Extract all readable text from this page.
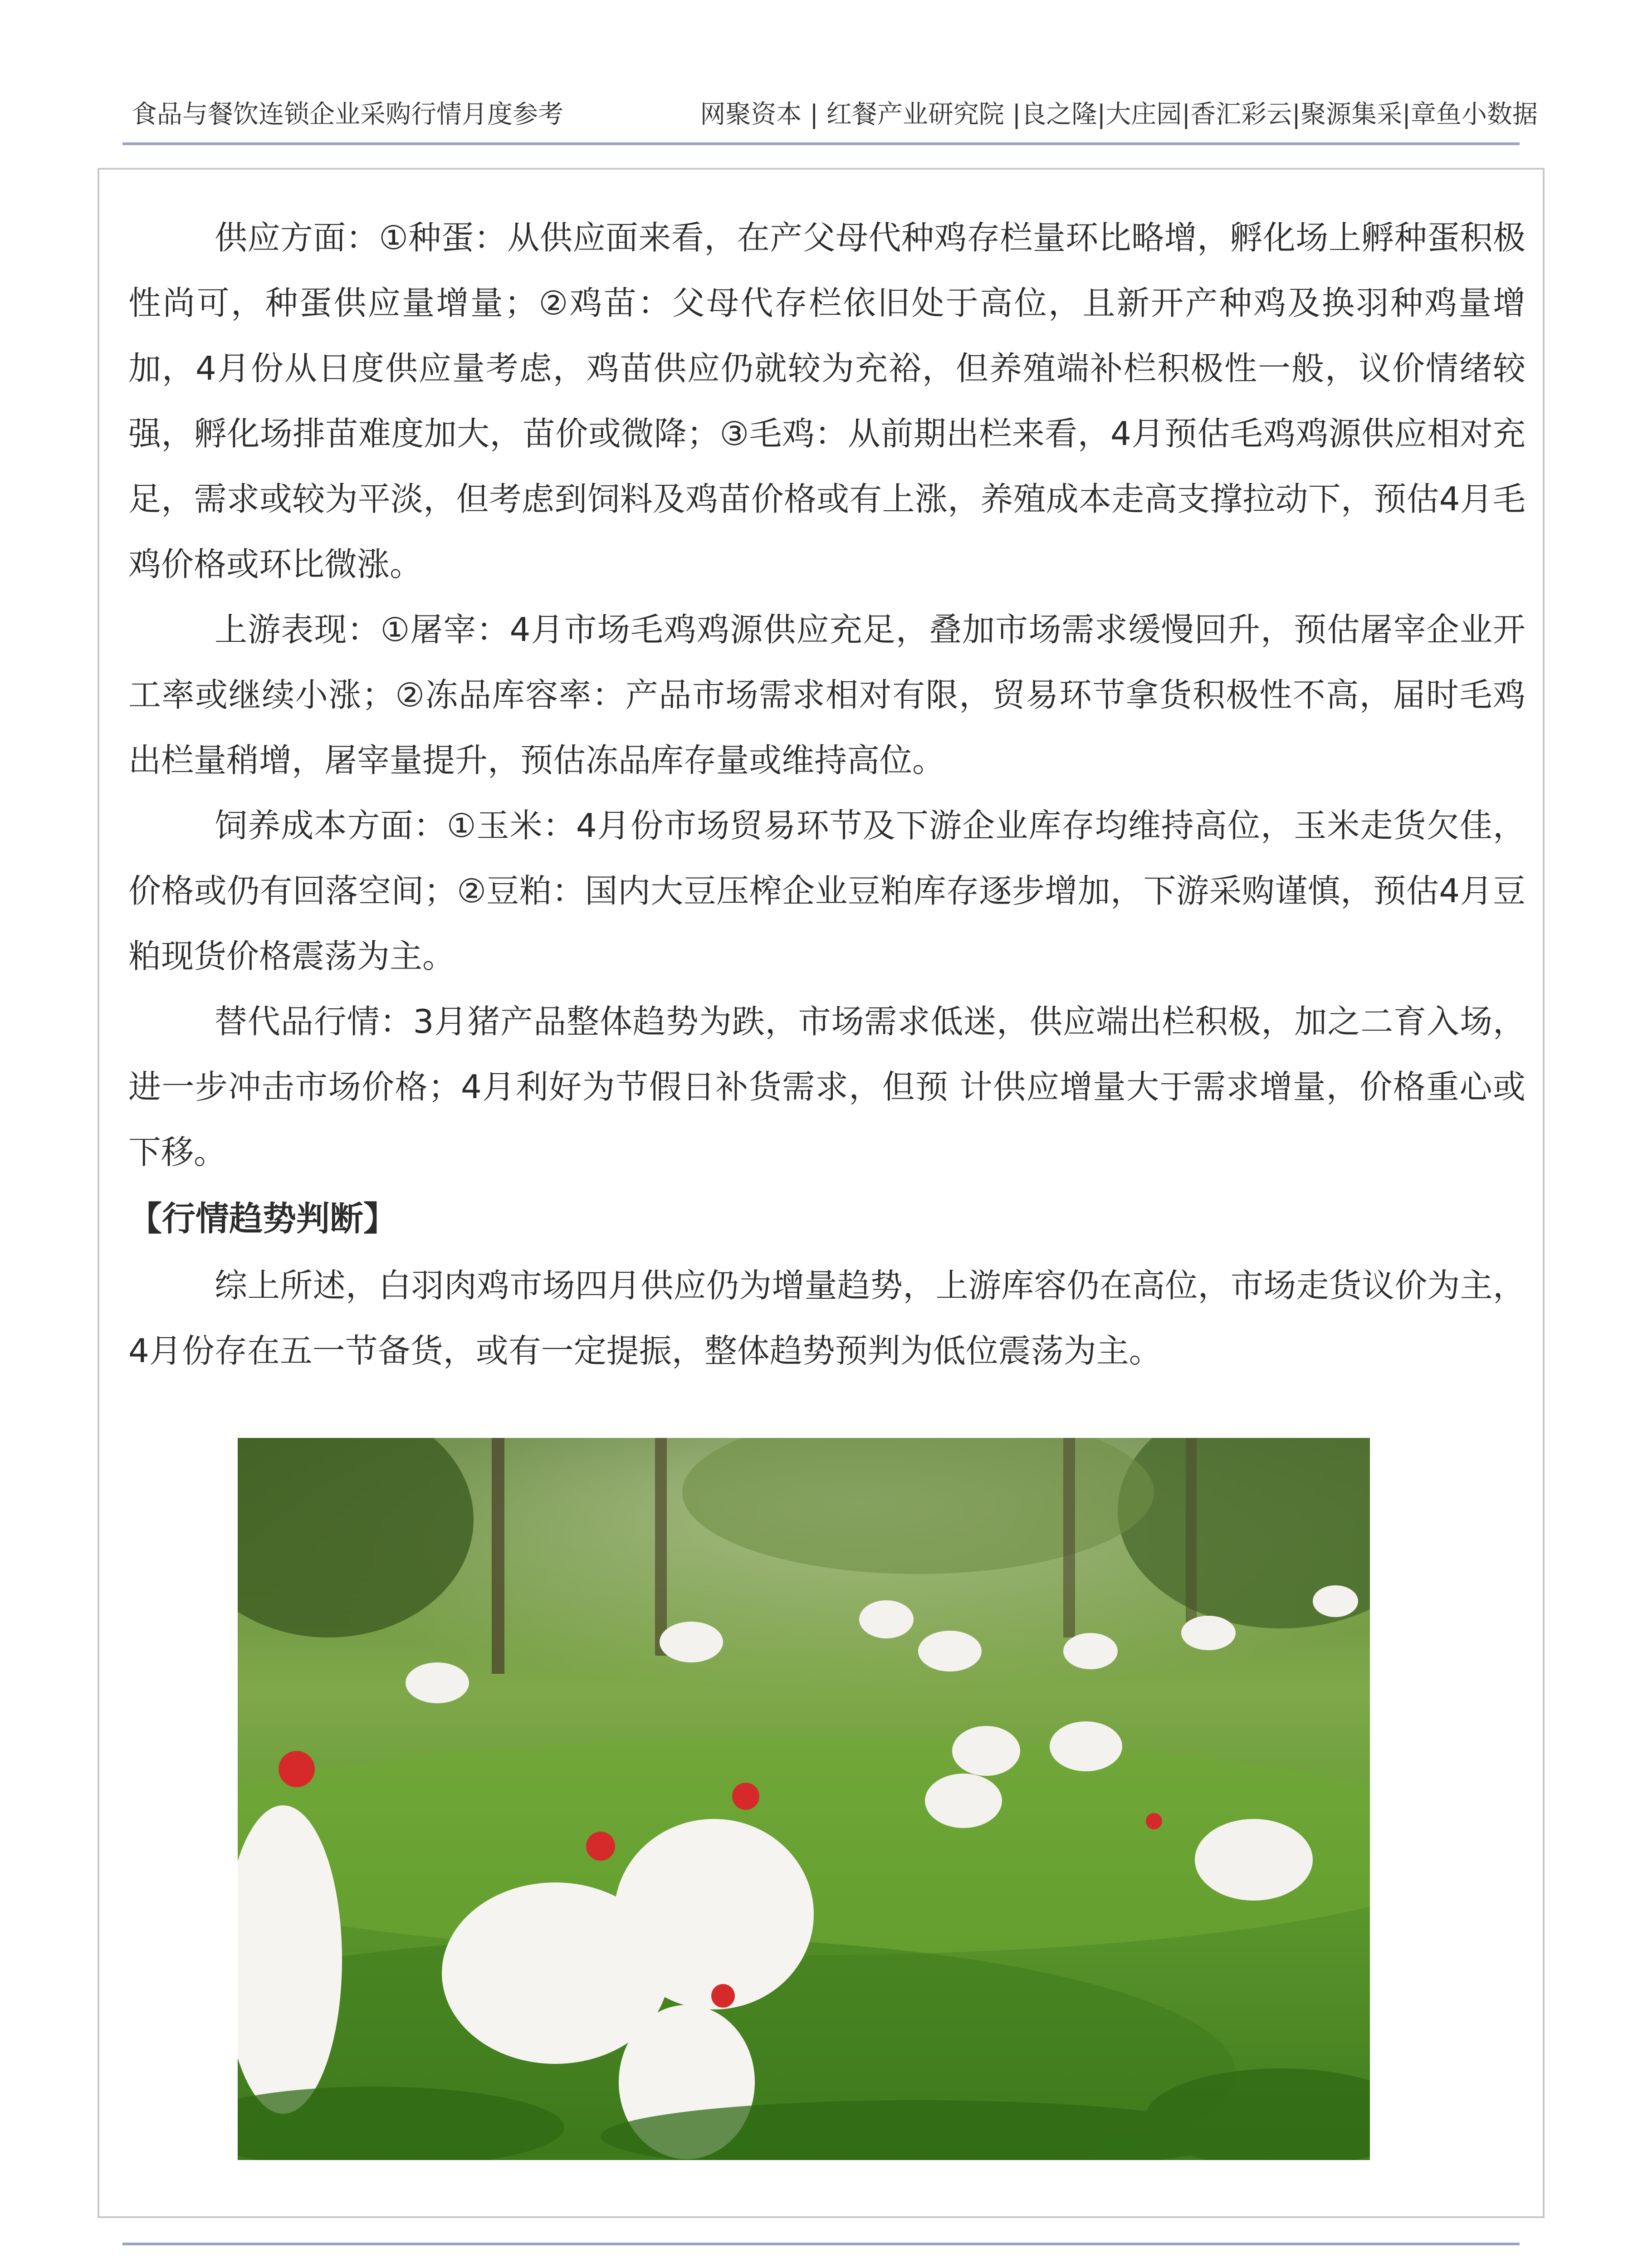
食品与餐饮连锁企业采购行情月度参考	网聚资本 | 红餐产业研究院 |良之隆|大庄园|香汇彩云|聚源集采|章鱼小数据

供应方面：①种蛋：从供应面来看，在产父母代种鸡存栏量环比略增，孵化场上孵种蛋积极性尚可，种蛋供应量增量；②鸡苗：父母代存栏依旧处于高位，且新开产种鸡及换羽种鸡量增加，4月份从日度供应量考虑，鸡苗供应仍就较为充裕，但养殖端补栏积极性一般，议价情绪较强，孵化场排苗难度加大，苗价或微降；③毛鸡：从前期出栏来看，4月预估毛鸡鸡源供应相对充足，需求或较为平淡，但考虑到饲料及鸡苗价格或有上涨，养殖成本走高支撑拉动下，预估4月毛鸡价格或环比微涨。

上游表现：①屠宰：4月市场毛鸡鸡源供应充足，叠加市场需求缓慢回升，预估屠宰企业开工率或继续小涨；②冻品库容率：产品市场需求相对有限，贸易环节拿货积极性不高，届时毛鸡出栏量稍增，屠宰量提升，预估冻品库存量或维持高位。

饲养成本方面：①玉米：4月份市场贸易环节及下游企业库存均维持高位，玉米走货欠佳，价格或仍有回落空间；②豆粕：国内大豆压榨企业豆粕库存逐步增加，下游采购谨慎，预估4月豆粕现货价格震荡为主。

替代品行情：3月猪产品整体趋势为跌，市场需求低迷，供应端出栏积极，加之二育入场，进一步冲击市场价格；4月利好为节假日补货需求，但预 计供应增量大于需求增量，价格重心或下移。

【行情趋势判断】

综上所述，白羽肉鸡市场四月供应仍为增量趋势，上游库容仍在高位，市场走货议价为主，4月份存在五一节备货，或有一定提振，整体趋势预判为低位震荡为主。
